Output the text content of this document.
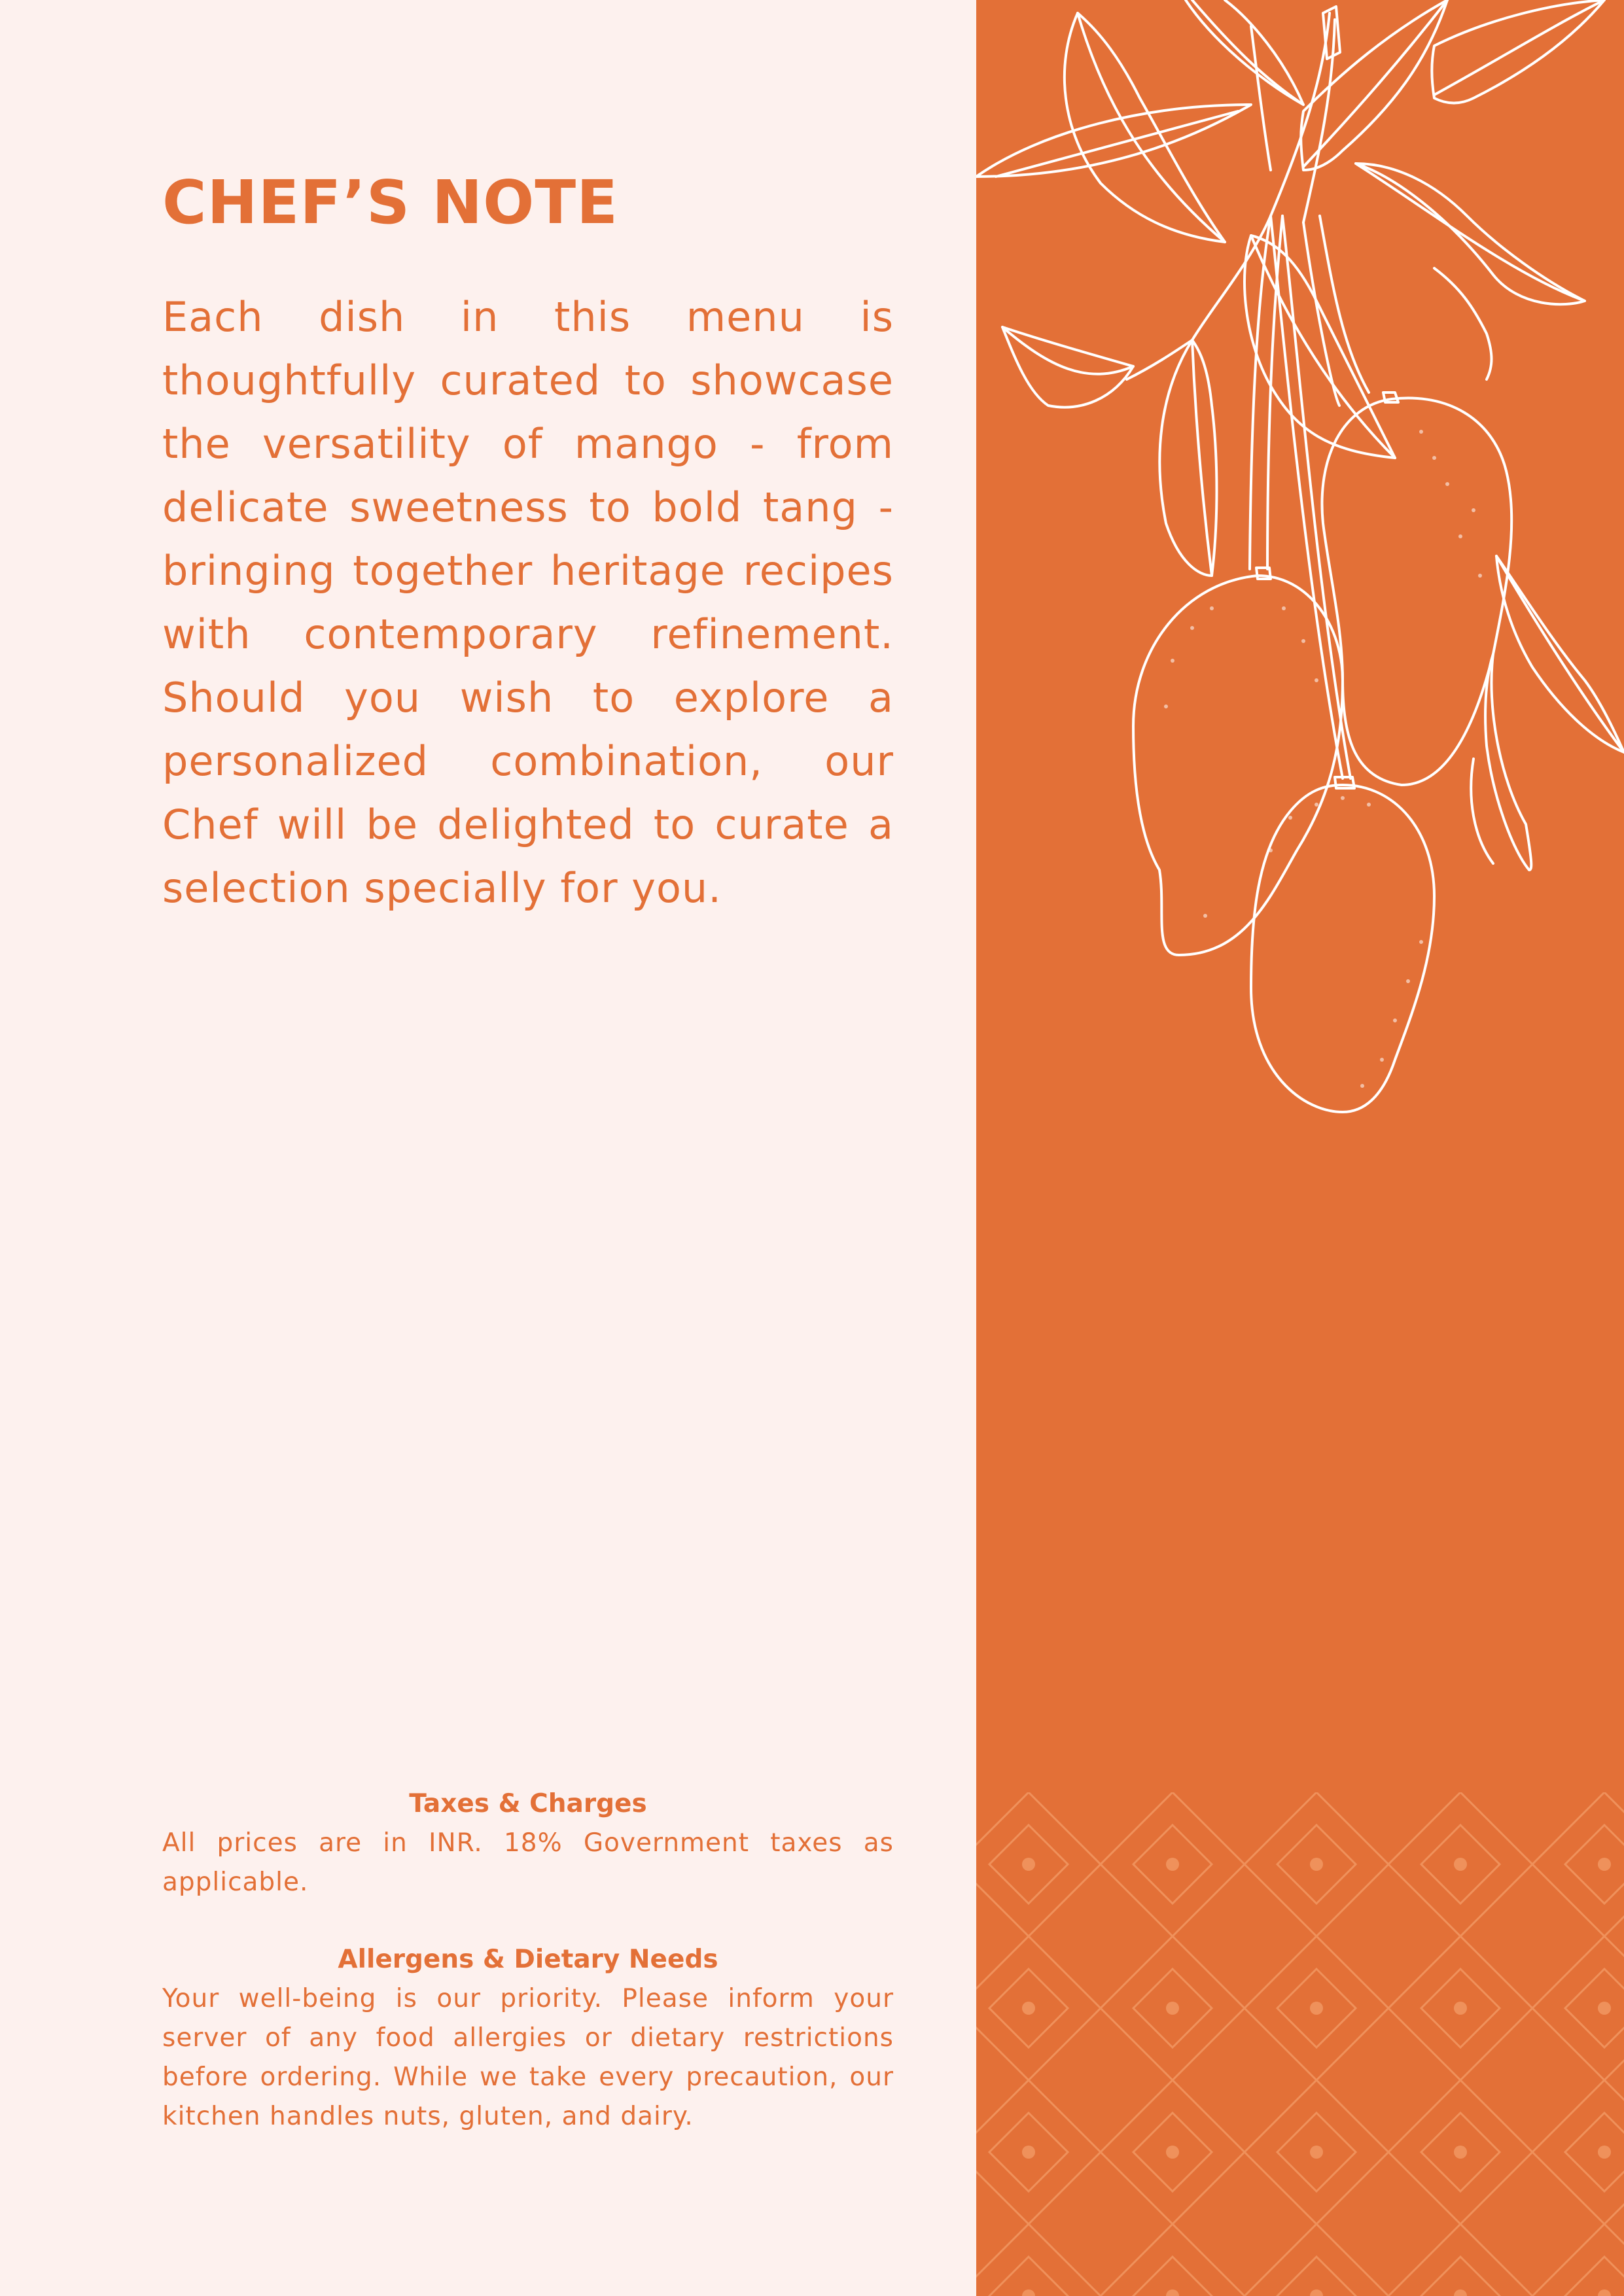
CHEF’S NOTE
Each dish in this menu is thoughtfully curated to showcase the versatility of mango - from delicate sweetness to bold tang - bringing together heritage recipes with contemporary refinement. Should you wish to explore a personalized combination, our Chef will be delighted to curate a selection specially for you.
Taxes & Charges
All prices are in INR. 18% Government taxes as applicable.
Allergens & Dietary Needs
Your well-being is our priority. Please inform your server of any food allergies or dietary restrictions before ordering. While we take every precaution, our kitchen handles nuts, gluten, and dairy.
